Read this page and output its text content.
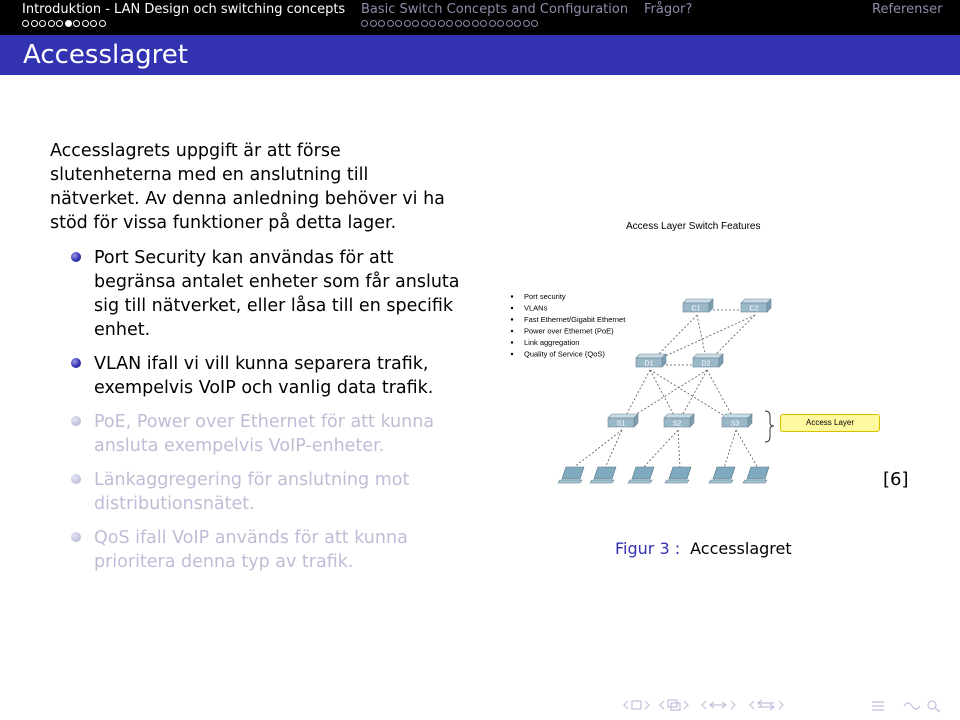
Introduktion - LAN Design och switching concepts Basic Switch Concepts and Configuration Frågor?	Referenser
Accesslagret
Accesslagrets uppgift är att förse slutenheterna med en anslutning till nätverket. Av denna anledning behöver vi ha stöd för vissa funktioner på detta lager.
Port Security kan användas för att begränsa antalet enheter som får ansluta sig till nätverket, eller låsa till en specifik enhet.
VLAN ifall vi vill kunna separera trafik, exempelvis VoIP och vanlig data trafik.
PoE, Power over Ethernet för att kunna ansluta exempelvis VoIP-enheter.
Länkaggregering för anslutning mot distributionsnätet.
QoS ifall VoIP används för att kunna prioritera denna typ av trafik.
Access Layer Switch Features
Port security
VLANs
Fast Ethernet/Gigabit Ethernet
Power over Ethernet (PoE)
Link aggregation
Quality of Service (QoS)
C1	C2
D1	D2
S1	S2	S3	Access Layer
Figur 3 : Accesslagret
[6]
